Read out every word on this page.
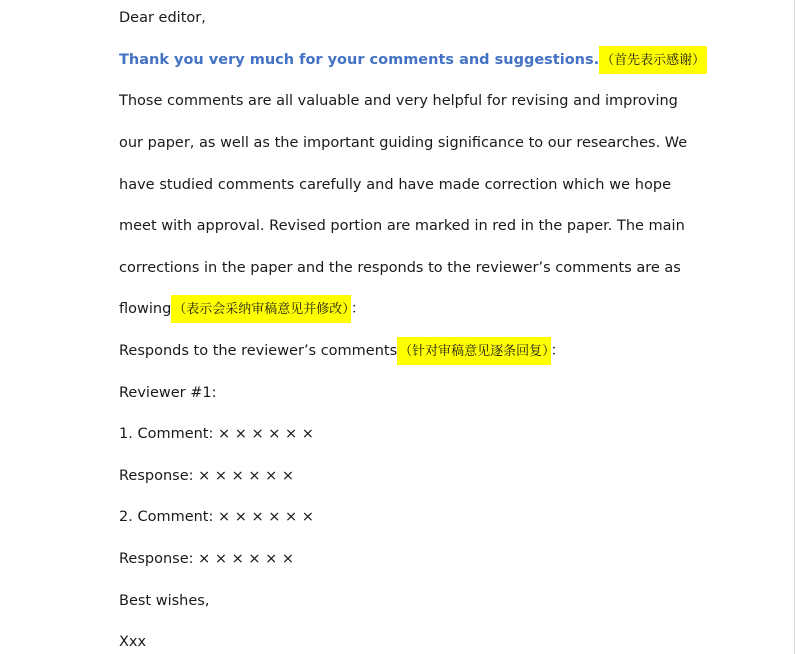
Dear editor,
Thank you very much for your comments and suggestions. （首先表示感谢）
Those comments are all valuable and very helpful for revising and improving
our paper, as well as the important guiding significance to our researches. We
have studied comments carefully and have made correction which we hope
meet with approval. Revised portion are marked in red in the paper. The main
corrections in the paper and the responds to the reviewer’s comments are as
flowing （表示会采纳审稿意见并修改） ：
Responds to the reviewer’s comments （针对审稿意见逐条回复） ：
Reviewer #1:
1. Comment: × × × × × ×
Response: × × × × × ×
2. Comment: × × × × × ×
Response: × × × × × ×
Best wishes,
Xxx
